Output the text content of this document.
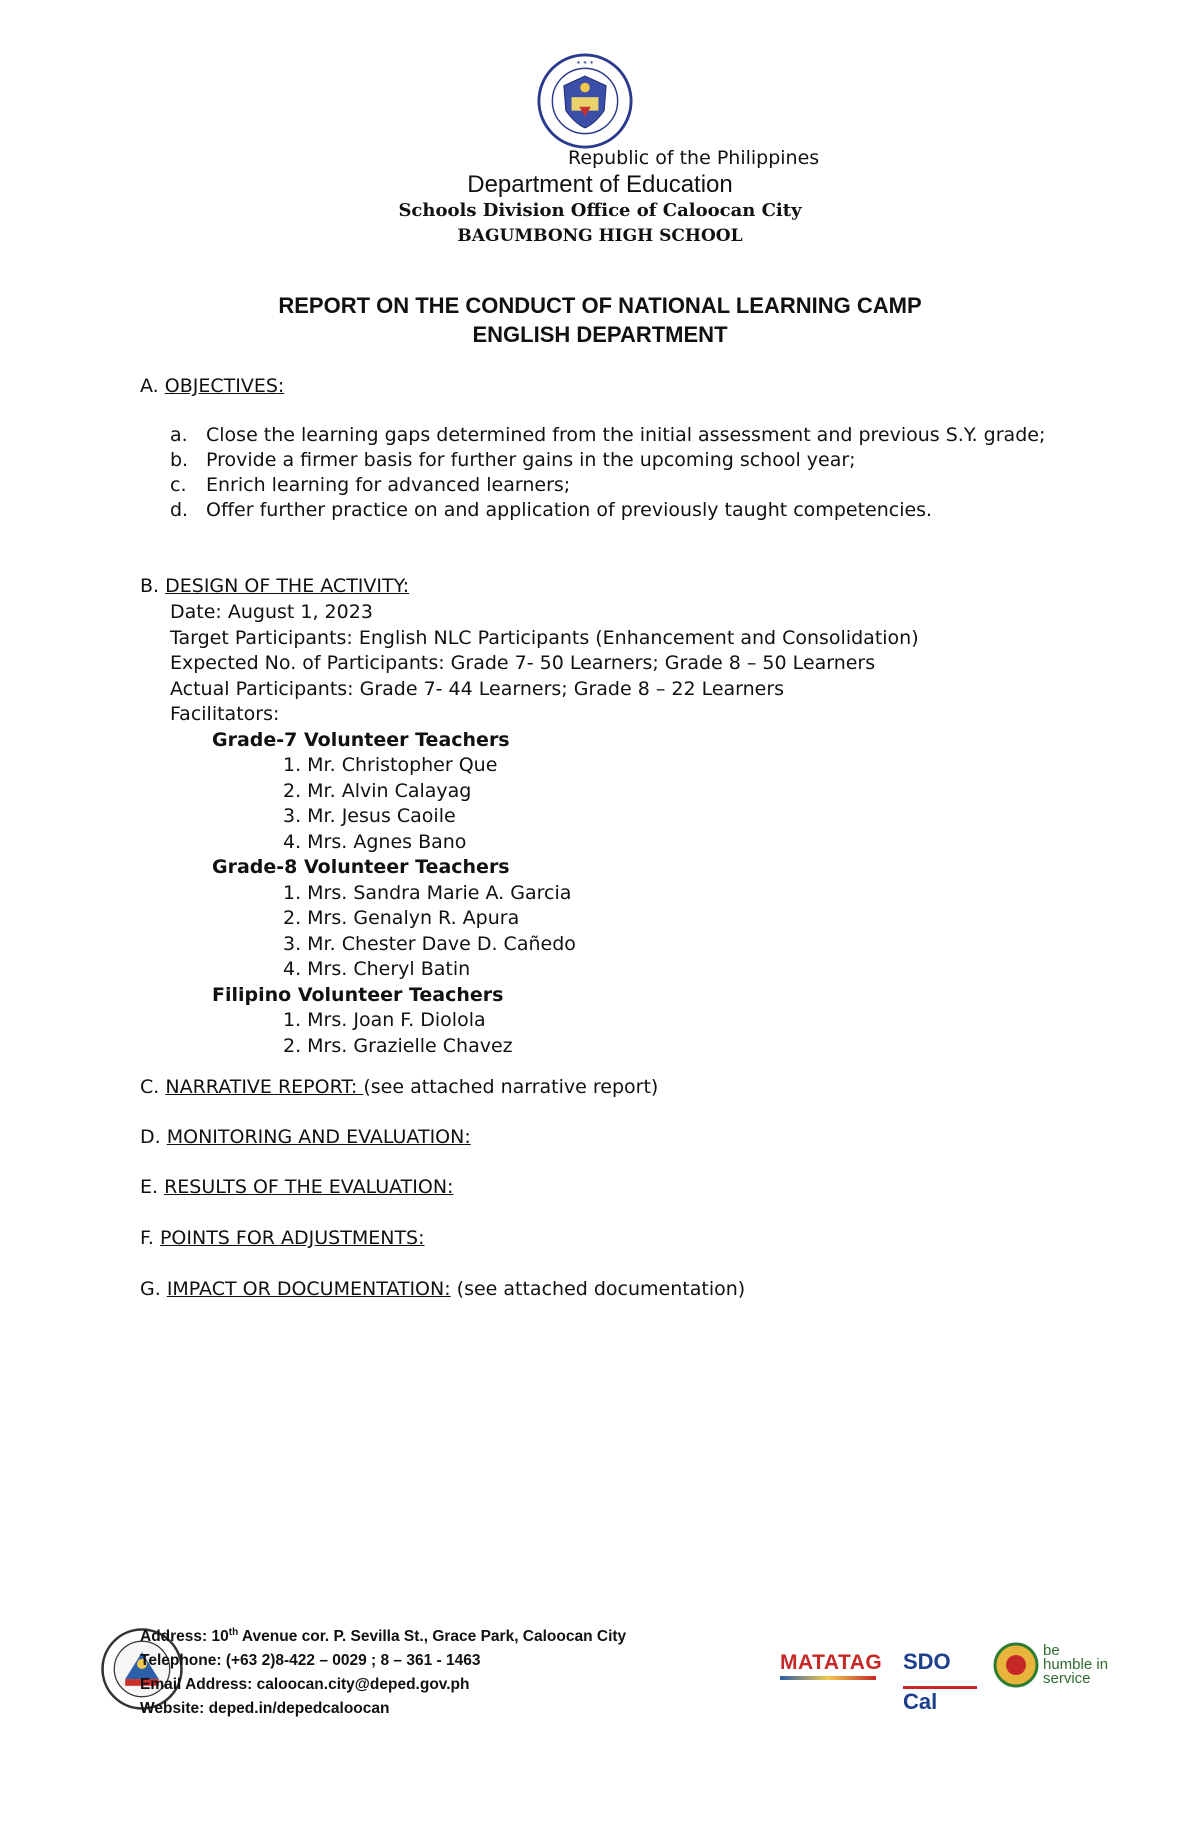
✶ ✶ ✶
Republic of the Philippines
Department of Education
Schools Division Office of Caloocan City
BAGUMBONG HIGH SCHOOL
REPORT ON THE CONDUCT OF NATIONAL LEARNING CAMP
ENGLISH DEPARTMENT
A. OBJECTIVES:
a. Close the learning gaps determined from the initial assessment and previous S.Y. grade;
b. Provide a firmer basis for further gains in the upcoming school year;
c. Enrich learning for advanced learners;
d. Offer further practice on and application of previously taught competencies.
B. DESIGN OF THE ACTIVITY:
Date: August 1, 2023
Target Participants: English NLC Participants (Enhancement and Consolidation)
Expected No. of Participants: Grade 7- 50 Learners; Grade 8 – 50 Learners
Actual Participants: Grade 7- 44 Learners; Grade 8 – 22 Learners
Facilitators:
Grade-7 Volunteer Teachers
1. Mr. Christopher Que
2. Mr. Alvin Calayag
3. Mr. Jesus Caoile
4. Mrs. Agnes Bano
Grade-8 Volunteer Teachers
1. Mrs. Sandra Marie A. Garcia
2. Mrs. Genalyn R. Apura
3. Mr. Chester Dave D. Cañedo
4. Mrs. Cheryl Batin
Filipino Volunteer Teachers
1. Mrs. Joan F. Diolola
2. Mrs. Grazielle Chavez
C. NARRATIVE REPORT: (see attached narrative report)
D. MONITORING AND EVALUATION:
E. RESULTS OF THE EVALUATION:
F. POINTS FOR ADJUSTMENTS:
G. IMPACT OR DOCUMENTATION: (see attached documentation)
Address: 10th Avenue cor. P. Sevilla St., Grace Park, Caloocan City
Telephone: (+63 2)8-422 – 0029 ; 8 – 361 - 1463
Email Address: caloocan.city@deped.gov.ph
Website: deped.in/depedcaloocan
MATATAG SDO Cal
be
humble in
service
